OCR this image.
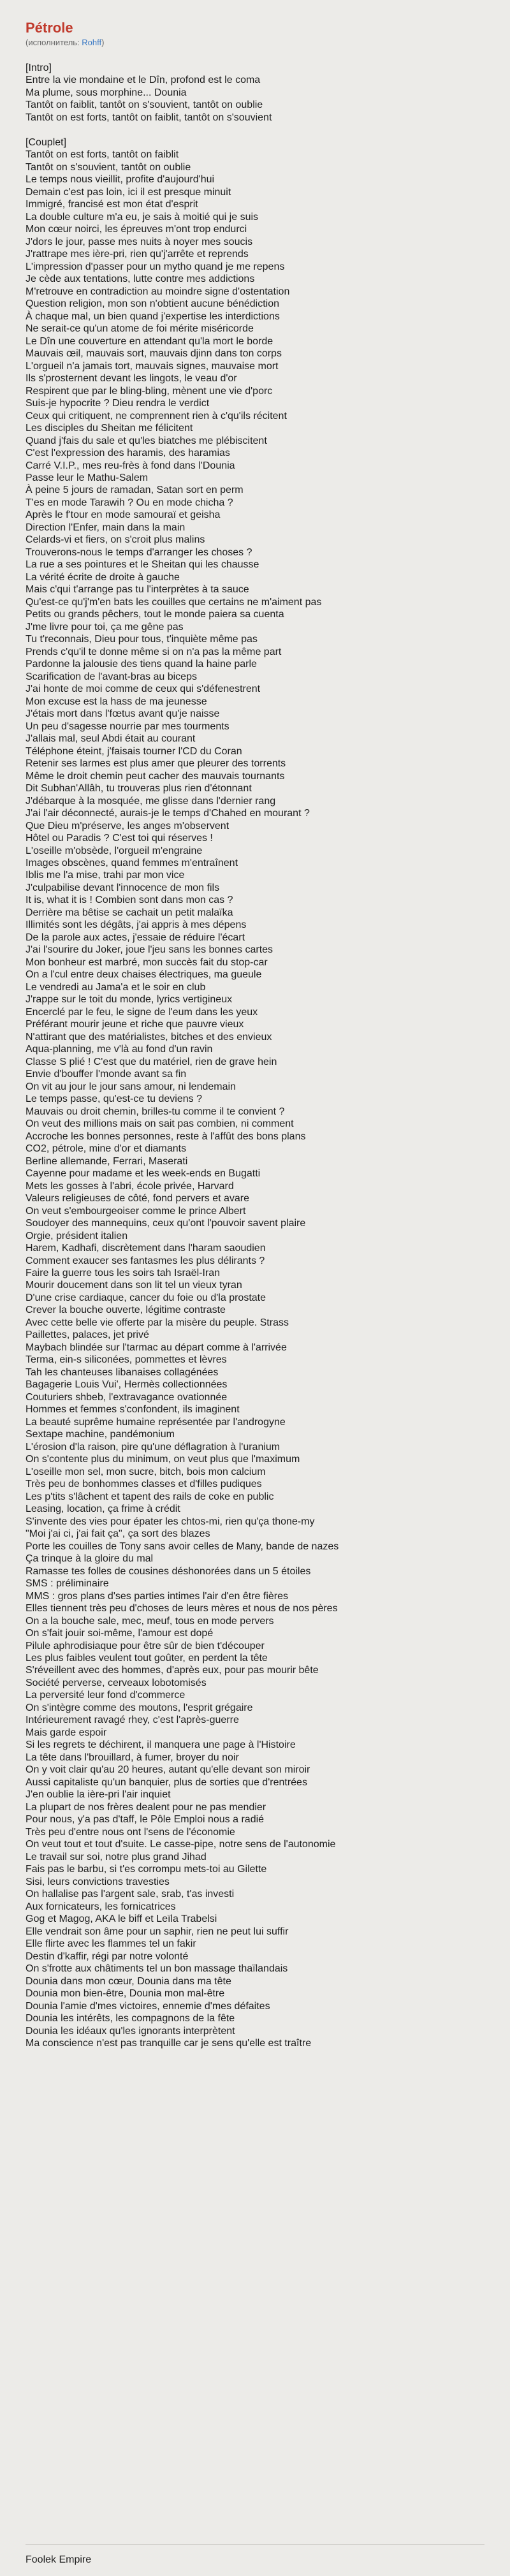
Pétrole
(исполнитель: Rohff)
[Intro]
Entre la vie mondaine et le Dîn, profond est le coma
Ma plume, sous morphine... Dounia
Tantôt on faiblit, tantôt on s'souvient, tantôt on oublie
Tantôt on est forts, tantôt on faiblit, tantôt on s'souvient

[Couplet]
Tantôt on est forts, tantôt on faiblit
Tantôt on s'souvient, tantôt on oublie
Le temps nous vieillit, profite d'aujourd'hui
Demain c'est pas loin, ici il est presque minuit
Immigré, francisé est mon état d'esprit
La double culture m'a eu, je sais à moitié qui je suis
Mon cœur noirci, les épreuves m'ont trop endurci
J'dors le jour, passe mes nuits à noyer mes soucis
J'rattrape mes ière-pri, rien qu'j'arrête et reprends
L'impression d'passer pour un mytho quand je me repens
Je cède aux tentations, lutte contre mes addictions
M'retrouve en contradiction au moindre signe d'ostentation
Question religion, mon son n'obtient aucune bénédiction
À chaque mal, un bien quand j'expertise les interdictions
Ne serait-ce qu'un atome de foi mérite miséricorde
Le Dîn une couverture en attendant qu'la mort le borde
Mauvais œil, mauvais sort, mauvais djinn dans ton corps
L'orgueil n'a jamais tort, mauvais signes, mauvaise mort
Ils s'prosternent devant les lingots, le veau d'or
Respirent que par le bling-bling, mènent une vie d'porc
Suis-je hypocrite ? Dieu rendra le verdict
Ceux qui critiquent, ne comprennent rien à c'qu'ils récitent
Les disciples du Sheitan me félicitent
Quand j'fais du sale et qu'les biatches me plébiscitent
C'est l'expression des haramis, des haramias
Carré V.I.P., mes reu-frès à fond dans l'Dounia
Passe leur le Mathu-Salem
À peine 5 jours de ramadan, Satan sort en perm
T'es en mode Tarawih ? Ou en mode chicha ?
Après le f'tour en mode samouraï et geisha
Direction l'Enfer, main dans la main
Celards-vi et fiers, on s'croit plus malins
Trouverons-nous le temps d'arranger les choses ?
La rue a ses pointures et le Sheitan qui les chausse
La vérité écrite de droite à gauche
Mais c'qui t'arrange pas tu l'interprètes à ta sauce
Qu'est-ce qu'j'm'en bats les couilles que certains ne m'aiment pas
Petits ou grands pêchers, tout le monde paiera sa cuenta
J'me livre pour toi, ça me gêne pas
Tu t'reconnais, Dieu pour tous, t'inquiète même pas
Prends c'qu'il te donne même si on n'a pas la même part
Pardonne la jalousie des tiens quand la haine parle
Scarification de l'avant-bras au biceps
J'ai honte de moi comme de ceux qui s'défenestrent
Mon excuse est la hass de ma jeunesse
J'étais mort dans l'fœtus avant qu'je naisse
Un peu d'sagesse nourrie par mes tourments
J'allais mal, seul Abdi était au courant
Téléphone éteint, j'faisais tourner l'CD du Coran
Retenir ses larmes est plus amer que pleurer des torrents
Même le droit chemin peut cacher des mauvais tournants
Dit Subhan'Allâh, tu trouveras plus rien d'étonnant
J'débarque à la mosquée, me glisse dans l'dernier rang
J'ai l'air déconnecté, aurais-je le temps d'Chahed en mourant ?
Que Dieu m'préserve, les anges m'observent
Hôtel ou Paradis ? C'est toi qui réserves !
L'oseille m'obsède, l'orgueil m'engraine
Images obscènes, quand femmes m'entraînent
Iblis me l'a mise, trahi par mon vice
J'culpabilise devant l'innocence de mon fils
It is, what it is ! Combien sont dans mon cas ?
Derrière ma bêtise se cachait un petit malaïka
Illimités sont les dégâts, j'ai appris à mes dépens
De la parole aux actes, j'essaie de réduire l'écart
J'ai l'sourire du Joker, joue l'jeu sans les bonnes cartes
Mon bonheur est marbré, mon succès fait du stop-car
On a l'cul entre deux chaises électriques, ma gueule
Le vendredi au Jama'a et le soir en club
J'rappe sur le toit du monde, lyrics vertigineux
Encerclé par le feu, le signe de l'eum dans les yeux
Préférant mourir jeune et riche que pauvre vieux
N'attirant que des matérialistes, bitches et des envieux
Aqua-planning, me v'là au fond d'un ravin
Classe S plié ! C'est que du matériel, rien de grave hein
Envie d'bouffer l'monde avant sa fin
On vit au jour le jour sans amour, ni lendemain
Le temps passe, qu'est-ce tu deviens ?
Mauvais ou droit chemin, brilles-tu comme il te convient ?
On veut des millions mais on sait pas combien, ni comment
Accroche les bonnes personnes, reste à l'affût des bons plans
CO2, pétrole, mine d'or et diamants
Berline allemande, Ferrari, Maserati
Cayenne pour madame et les week-ends en Bugatti
Mets les gosses à l'abri, école privée, Harvard
Valeurs religieuses de côté, fond pervers et avare
On veut s'embourgeoiser comme le prince Albert
Soudoyer des mannequins, ceux qu'ont l'pouvoir savent plaire
Orgie, président italien
Harem, Kadhafi, discrètement dans l'haram saoudien
Comment exaucer ses fantasmes les plus délirants ?
Faire la guerre tous les soirs tah Israël-Iran
Mourir doucement dans son lit tel un vieux tyran
D'une crise cardiaque, cancer du foie ou d'la prostate
Crever la bouche ouverte, légitime contraste
Avec cette belle vie offerte par la misère du peuple. Strass
Paillettes, palaces, jet privé
Maybach blindée sur l'tarmac au départ comme à l'arrivée
Terma, ein-s siliconées, pommettes et lèvres
Tah les chanteuses libanaises collagénées
Bagagerie Louis Vui', Hermès collectionnées
Couturiers shbeb, l'extravagance ovationnée
Hommes et femmes s'confondent, ils imaginent
La beauté suprême humaine représentée par l'androgyne
Sextape machine, pandémonium
L'érosion d'la raison, pire qu'une déflagration à l'uranium
On s'contente plus du minimum, on veut plus que l'maximum
L'oseille mon sel, mon sucre, bitch, bois mon calcium
Très peu de bonhommes classes et d'filles pudiques
Les p'tits s'lâchent et tapent des rails de coke en public
Leasing, location, ça frime à crédit
S'invente des vies pour épater les chtos-mi, rien qu'ça thone-my
"Moi j'ai ci, j'ai fait ça", ça sort des blazes
Porte les couilles de Tony sans avoir celles de Many, bande de nazes
Ça trinque à la gloire du mal
Ramasse tes folles de cousines déshonorées dans un 5 étoiles
SMS : préliminaire
MMS : gros plans d'ses parties intimes l'air d'en être fières
Elles tiennent très peu d'choses de leurs mères et nous de nos pères
On a la bouche sale, mec, meuf, tous en mode pervers
On s'fait jouir soi-même, l'amour est dopé
Pilule aphrodisiaque pour être sûr de bien t'découper
Les plus faibles veulent tout goûter, en perdent la tête
S'réveillent avec des hommes, d'après eux, pour pas mourir bête
Société perverse, cerveaux lobotomisés
La perversité leur fond d'commerce
On s'intègre comme des moutons, l'esprit grégaire
Intérieurement ravagé rhey, c'est l'après-guerre
Mais garde espoir
Si les regrets te déchirent, il manquera une page à l'Histoire
La tête dans l'brouillard, à fumer, broyer du noir
On y voit clair qu'au 20 heures, autant qu'elle devant son miroir
Aussi capitaliste qu'un banquier, plus de sorties que d'rentrées
J'en oublie la ière-pri l'air inquiet
La plupart de nos frères dealent pour ne pas mendier
Pour nous, y'a pas d'taff, le Pôle Emploi nous a radié
Très peu d'entre nous ont l'sens de l'économie
On veut tout et tout d'suite. Le casse-pipe, notre sens de l'autonomie
Le travail sur soi, notre plus grand Jihad
Fais pas le barbu, si t'es corrompu mets-toi au Gilette
Sisi, leurs convictions travesties
On hallalise pas l'argent sale, srab, t'as investi
Aux fornicateurs, les fornicatrices
Gog et Magog, AKA le biff et Leïla Trabelsi
Elle vendrait son âme pour un saphir, rien ne peut lui suffir
Elle flirte avec les flammes tel un fakir
Destin d'kaffir, régi par notre volonté
On s'frotte aux châtiments tel un bon massage thaïlandais
Dounia dans mon cœur, Dounia dans ma tête
Dounia mon bien-être, Dounia mon mal-être
Dounia l'amie d'mes victoires, ennemie d'mes défaites
Dounia les intérêts, les compagnons de la fête
Dounia les idéaux qu'les ignorants interprètent
Ma conscience n'est pas tranquille car je sens qu'elle est traître
Foolek Empire
